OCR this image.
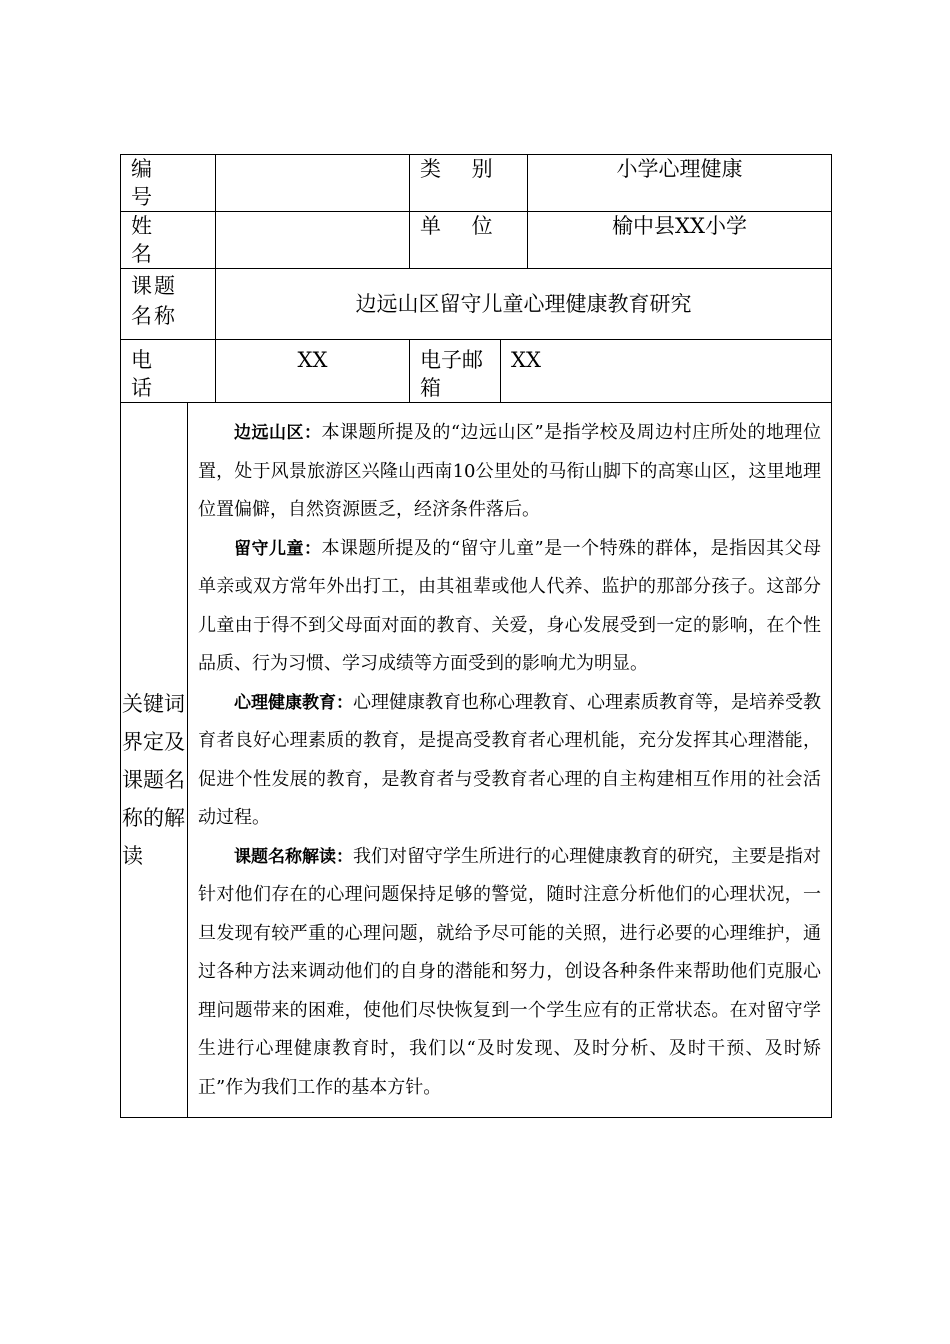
编 号			类 别		小学心理健康
姓 名			单 位		榆中县XX小学
课题名称		边远山区留守儿童心理健康教育研究			
电 话		XX	电子邮箱	XX	
关键词界定及课题名称的解读	边远山区：本课题所提及的“边远山区”是指学校及周边村庄所处的地理位置，处于风景旅游区兴隆山西南10公里处的马衔山脚下的高寒山区，这里地理位置偏僻，自然资源匮乏，经济条件落后。

留守儿童：本课题所提及的“留守儿童”是一个特殊的群体，是指因其父母单亲或双方常年外出打工，由其祖辈或他人代养、监护的那部分孩子。这部分儿童由于得不到父母面对面的教育、关爱，身心发展受到一定的影响，在个性品质、行为习惯、学习成绩等方面受到的影响尤为明显。

心理健康教育：心理健康教育也称心理教育、心理素质教育等，是培养受教育者良好心理素质的教育，是提高受教育者心理机能，充分发挥其心理潜能，促进个性发展的教育，是教育者与受教育者心理的自主构建相互作用的社会活动过程。

课题名称解读：我们对留守学生所进行的心理健康教育的研究，主要是指对针对他们存在的心理问题保持足够的警觉，随时注意分析他们的心理状况，一旦发现有较严重的心理问题，就给予尽可能的关照，进行必要的心理维护，通过各种方法来调动他们的自身的潜能和努力，创设各种条件来帮助他们克服心理问题带来的困难，使他们尽快恢复到一个学生应有的正常状态。在对留守学生进行心理健康教育时，我们以“及时发现、及时分析、及时干预、及时矫正”作为我们工作的基本方针。				
